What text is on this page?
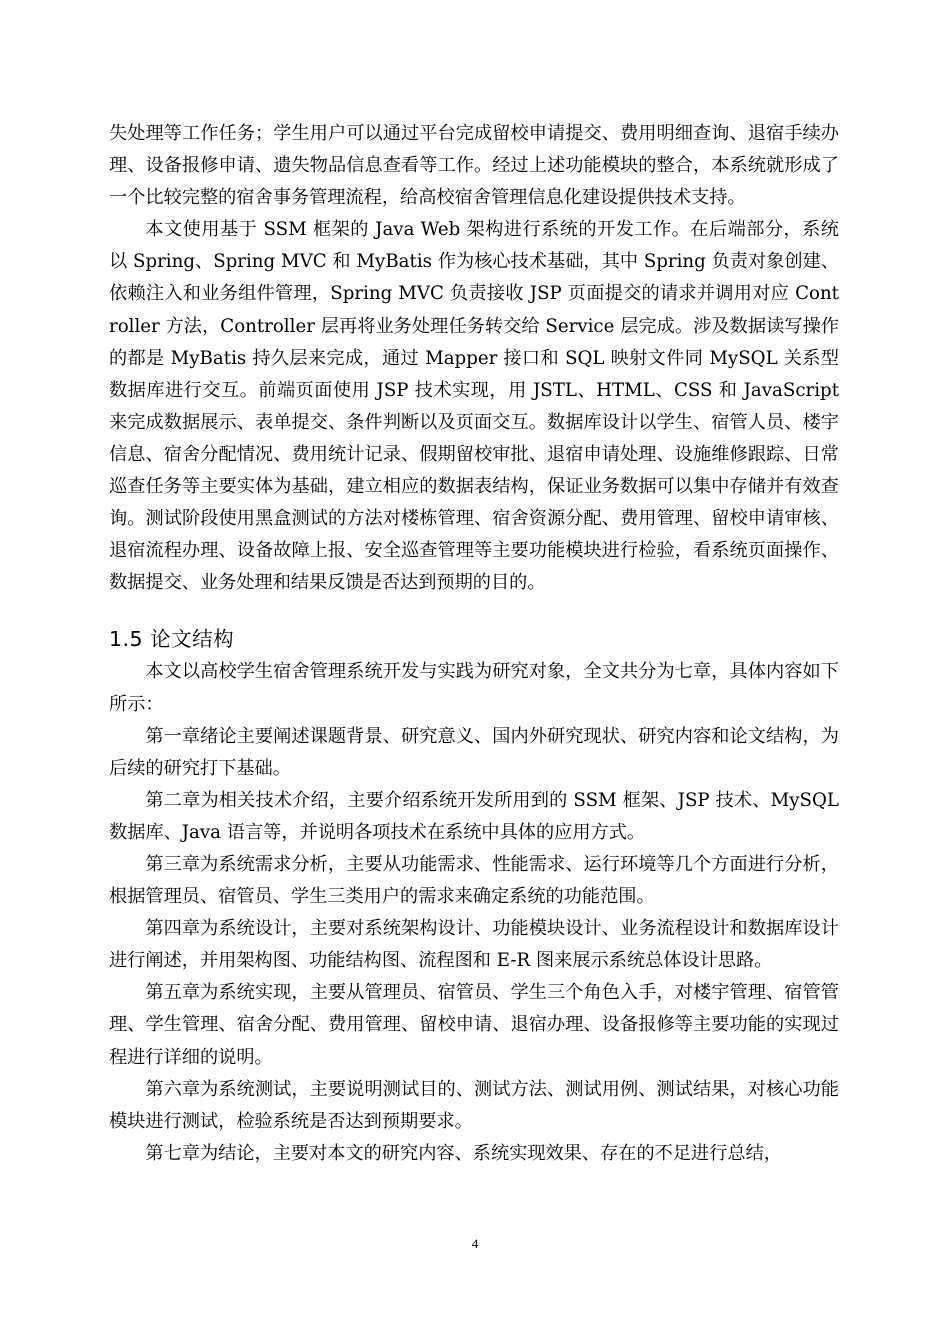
失处理等工作任务；学生用户可以通过平台完成留校申请提交、费用明细查询、退宿手续办理、设备报修申请、遗失物品信息查看等工作。经过上述功能模块的整合，本系统就形成了一个比较完整的宿舍事务管理流程，给高校宿舍管理信息化建设提供技术支持。

本文使用基于 SSM 框架的 Java Web 架构进行系统的开发工作。在后端部分，系统以 Spring、Spring MVC 和 MyBatis 作为核心技术基础，其中 Spring 负责对象创建、依赖注入和业务组件管理，Spring MVC 负责接收 JSP 页面提交的请求并调用对应 Controller 方法，Controller 层再将业务处理任务转交给 Service 层完成。涉及数据读写操作的都是 MyBatis 持久层来完成，通过 Mapper 接口和 SQL 映射文件同 MySQL 关系型数据库进行交互。前端页面使用 JSP 技术实现，用 JSTL、HTML、CSS 和 JavaScript 来完成数据展示、表单提交、条件判断以及页面交互。数据库设计以学生、宿管人员、楼宇信息、宿舍分配情况、费用统计记录、假期留校审批、退宿申请处理、设施维修跟踪、日常巡查任务等主要实体为基础，建立相应的数据表结构，保证业务数据可以集中存储并有效查询。测试阶段使用黑盒测试的方法对楼栋管理、宿舍资源分配、费用管理、留校申请审核、退宿流程办理、设备故障上报、安全巡查管理等主要功能模块进行检验，看系统页面操作、数据提交、业务处理和结果反馈是否达到预期的目的。

1.5 论文结构

本文以高校学生宿舍管理系统开发与实践为研究对象，全文共分为七章，具体内容如下所示：

第一章绪论主要阐述课题背景、研究意义、国内外研究现状、研究内容和论文结构，为后续的研究打下基础。

第二章为相关技术介绍，主要介绍系统开发所用到的 SSM 框架、JSP 技术、MySQL 数据库、Java 语言等，并说明各项技术在系统中具体的应用方式。

第三章为系统需求分析，主要从功能需求、性能需求、运行环境等几个方面进行分析，根据管理员、宿管员、学生三类用户的需求来确定系统的功能范围。

第四章为系统设计，主要对系统架构设计、功能模块设计、业务流程设计和数据库设计进行阐述，并用架构图、功能结构图、流程图和 E-R 图来展示系统总体设计思路。

第五章为系统实现，主要从管理员、宿管员、学生三个角色入手，对楼宇管理、宿管管理、学生管理、宿舍分配、费用管理、留校申请、退宿办理、设备报修等主要功能的实现过程进行详细的说明。

第六章为系统测试，主要说明测试目的、测试方法、测试用例、测试结果，对核心功能模块进行测试，检验系统是否达到预期要求。

第七章为结论，主要对本文的研究内容、系统实现效果、存在的不足进行总结，

4
